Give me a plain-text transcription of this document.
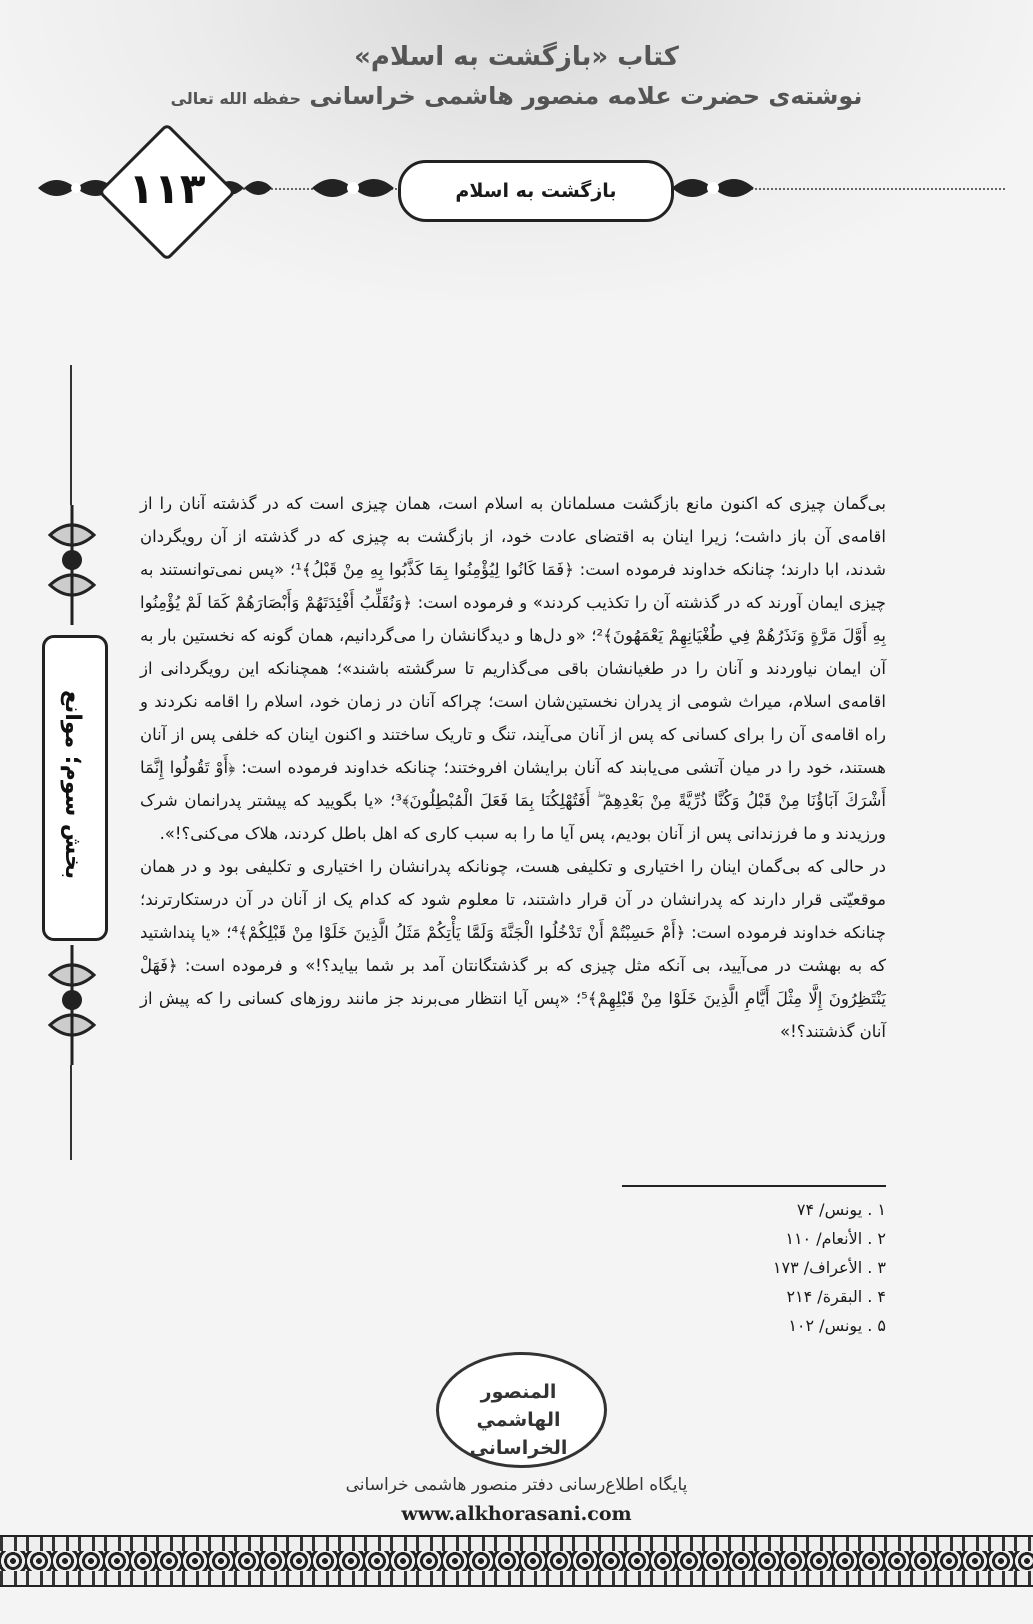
کتاب «بازگشت به اسلام»
نوشته‌ی حضرت علامه منصور هاشمی خراسانی حفظه الله تعالی
۱۱۳	بازگشت به اسلام
بخش سوم؛ موانع

بی‌گمان چیزی که اکنون مانع بازگشت مسلمانان به اسلام است، همان چیزی است که در گذشته آنان را از اقامه‌ی آن باز داشت؛ زیرا اینان به اقتضای عادت خود، از بازگشت به چیزی که در گذشته از آن رویگردان شدند، ابا دارند؛ چنانکه خداوند فرموده است: ﴿فَمَا كَانُوا لِيُؤْمِنُوا بِمَا كَذَّبُوا بِهِ مِنْ قَبْلُ﴾¹؛ «پس نمی‌توانستند به چیزی ایمان آورند که در گذشته آن را تکذیب کردند» و فرموده است: ﴿وَنُقَلِّبُ أَفْئِدَتَهُمْ وَأَبْصَارَهُمْ كَمَا لَمْ يُؤْمِنُوا بِهِ أَوَّلَ مَرَّةٍ وَنَذَرُهُمْ فِي طُغْيَانِهِمْ يَعْمَهُونَ﴾²؛ «و دل‌ها و دیدگانشان را می‌گردانیم، همان گونه که نخستین بار به آن ایمان نیاوردند و آنان را در طغیانشان باقی می‌گذاریم تا سرگشته باشند»؛ همچنانکه این رویگردانی از اقامه‌ی اسلام، میراث شومی از پدران نخستین‌شان است؛ چراکه آنان در زمان خود، اسلام را اقامه نکردند و راه اقامه‌ی آن را برای کسانی که پس از آنان می‌آیند، تنگ و تاریک ساختند و اکنون اینان که خلفی پس از آنان هستند، خود را در میان آتشی می‌یابند که آنان برایشان افروختند؛ چنانکه خداوند فرموده است: ﴿أَوْ تَقُولُوا إِنَّمَا أَشْرَكَ آبَاؤُنَا مِنْ قَبْلُ وَكُنَّا ذُرِّيَّةً مِنْ بَعْدِهِمْ ۖ أَفَتُهْلِكُنَا بِمَا فَعَلَ الْمُبْطِلُونَ﴾³؛ «یا بگویید که پیشتر پدرانمان شرک ورزیدند و ما فرزندانی پس از آنان بودیم، پس آیا ما را به سبب کاری که اهل باطل کردند، هلاک می‌کنی؟!».

در حالی که بی‌گمان اینان را اختیاری و تکلیفی هست، چونانکه پدرانشان را اختیاری و تکلیفی بود و در همان موقعیّتی قرار دارند که پدرانشان در آن قرار داشتند، تا معلوم شود که کدام یک از آنان در آن درستکارترند؛ چنانکه خداوند فرموده است: ﴿أَمْ حَسِبْتُمْ أَنْ تَدْخُلُوا الْجَنَّةَ وَلَمَّا يَأْتِكُمْ مَثَلُ الَّذِينَ خَلَوْا مِنْ قَبْلِكُمْ﴾⁴؛ «یا پنداشتید که به بهشت در می‌آیید، بی آنکه مثل چیزی که بر گذشتگانتان آمد بر شما بیاید؟!» و فرموده است: ﴿فَهَلْ يَنْتَظِرُونَ إِلَّا مِثْلَ أَيَّامِ الَّذِينَ خَلَوْا مِنْ قَبْلِهِمْ﴾⁵؛ «پس آیا انتظار می‌برند جز مانند روزهای کسانی را که پیش از آنان گذشتند؟!»

۱ . یونس/ ۷۴
۲ . الأنعام/ ۱۱۰
۳ . الأعراف/ ۱۷۳
۴ . البقرة/ ۲۱۴
۵ . یونس/ ۱۰۲
المنصور الهاشمي الخراساني
پایگاه اطلاع‌رسانی دفتر منصور هاشمی خراسانی
www.alkhorasani.com
